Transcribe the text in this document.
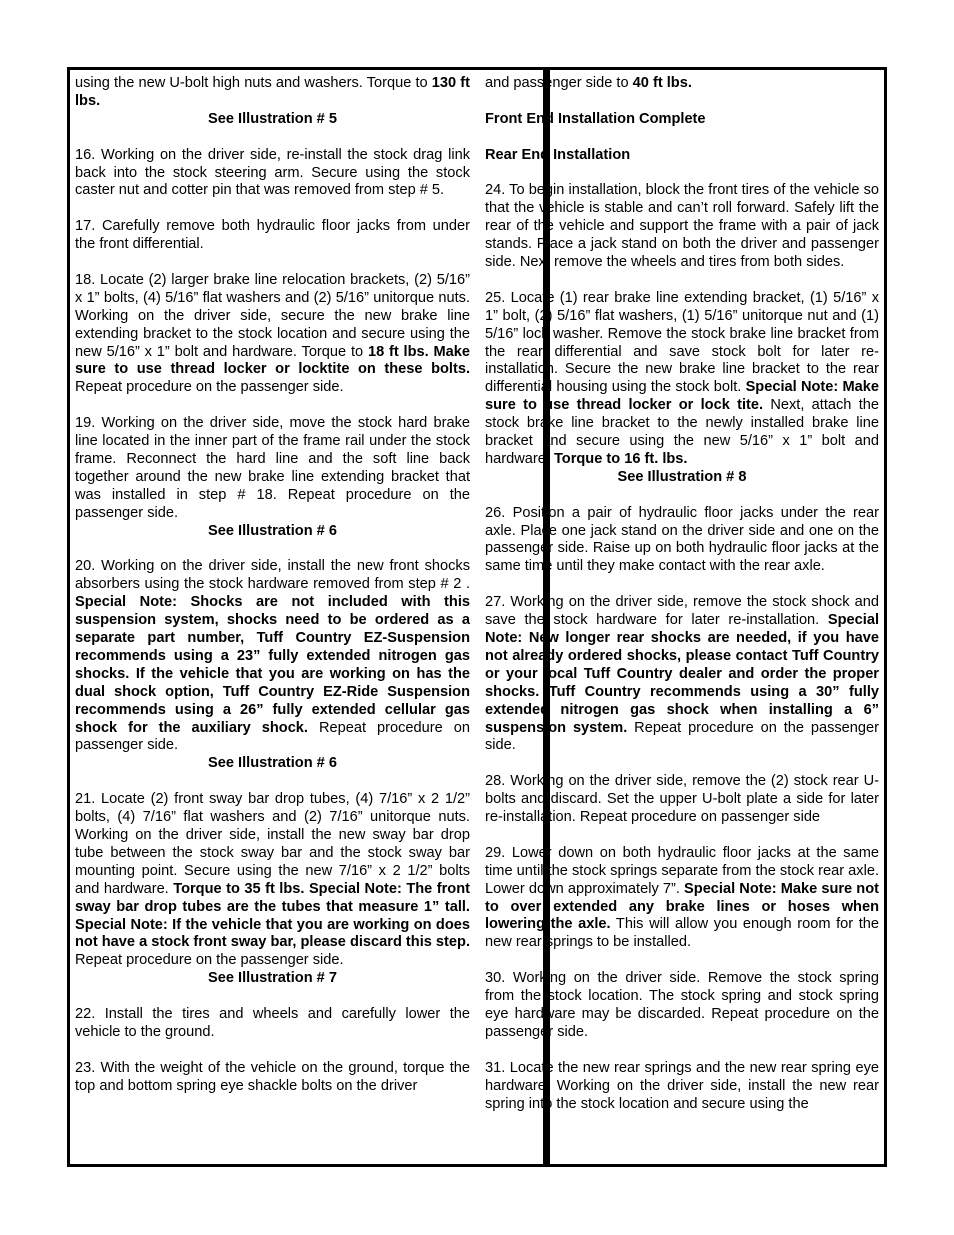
using the new U-bolt high nuts and washers. Torque to 130 ft lbs.

See Illustration # 5

16. Working on the driver side, re-install the stock drag link back into the stock steering arm. Secure using the stock caster nut and cotter pin that was removed from step # 5.

17. Carefully remove both hydraulic floor jacks from under the front differential.

18. Locate (2) larger brake line relocation brackets, (2) 5/16” x 1” bolts, (4) 5/16” flat washers and (2) 5/16” unitorque nuts. Working on the driver side, secure the new brake line extending bracket to the stock location and secure using the new 5/16” x 1” bolt and hardware. Torque to 18 ft lbs. Make sure to use thread locker or locktite on these bolts. Repeat procedure on the passenger side.

19. Working on the driver side, move the stock hard brake line located in the inner part of the frame rail under the stock frame. Reconnect the hard line and the soft line back together around the new brake line extending bracket that was installed in step # 18. Repeat procedure on the passenger side.

See Illustration # 6

20. Working on the driver side, install the new front shocks absorbers using the stock hardware removed from step # 2 . Special Note: Shocks are not included with this suspension system, shocks need to be ordered as a separate part number, Tuff Country EZ-Suspension recommends using a 23” fully extended nitrogen gas shocks. If the vehicle that you are working on has the dual shock option, Tuff Country EZ-Ride Suspension recommends using a 26” fully extended cellular gas shock for the auxiliary shock. Repeat procedure on passenger side.

See Illustration # 6

21. Locate (2) front sway bar drop tubes, (4) 7/16” x 2 1/2” bolts, (4) 7/16” flat washers and (2) 7/16” unitorque nuts. Working on the driver side, install the new sway bar drop tube between the stock sway bar and the stock sway bar mounting point. Secure using the new 7/16” x 2 1/2” bolts and hardware. Torque to 35 ft lbs. Special Note: The front sway bar drop tubes are the tubes that measure 1” tall. Special Note: If the vehicle that you are working on does not have a stock front sway bar, please discard this step. Repeat procedure on the passenger side.

See Illustration # 7

22. Install the tires and wheels and carefully lower the vehicle to the ground.

23. With the weight of the vehicle on the ground, torque the top and bottom spring eye shackle bolts on the driver

and passenger side to 40 ft lbs.

Front End Installation Complete
Rear End Installation

24. To begin installation, block the front tires of the vehicle so that the vehicle is stable and can’t roll forward. Safely lift the rear of the vehicle and support the frame with a pair of jack stands. Place a jack stand on both the driver and passenger side. Next remove the wheels and tires from both sides.

25. Locate (1) rear brake line extending bracket, (1) 5/16” x 1” bolt, (2) 5/16” flat washers, (1) 5/16” unitorque nut and (1) 5/16” lock washer. Remove the stock brake line bracket from the rear differential and save stock bolt for later re-installation. Secure the new brake line bracket to the rear differential housing using the stock bolt. Special Note: Make sure to use thread locker or lock tite. Next, attach the stock brake line bracket to the newly installed brake line bracket and secure using the new 5/16” x 1” bolt and hardware. Torque to 16 ft. lbs.

See Illustration # 8

26. Position a pair of hydraulic floor jacks under the rear axle. Place one jack stand on the driver side and one on the passenger side. Raise up on both hydraulic floor jacks at the same time until they make contact with the rear axle.

27. Working on the driver side, remove the stock shock and save the stock hardware for later re-installation. Special Note: New longer rear shocks are needed, if you have not already ordered shocks, please contact Tuff Country or your local Tuff Country dealer and order the proper shocks. Tuff Country recommends using a 30” fully extended nitrogen gas shock when installing a 6” suspension system. Repeat procedure on the passenger side.

28. Working on the driver side, remove the (2) stock rear U-bolts and discard. Set the upper U-bolt plate a side for later re-installation. Repeat procedure on passenger side

29. Lower down on both hydraulic floor jacks at the same time until the stock springs separate from the stock rear axle. Lower down approximately 7”. Special Note: Make sure not to over extended any brake lines or hoses when lowering the axle. This will allow you enough room for the new rear springs to be installed.

30. Working on the driver side. Remove the stock spring from the stock location. The stock spring and stock spring eye hardware may be discarded. Repeat procedure on the passenger side.

31. Locate the new rear springs and the new rear spring eye hardware. Working on the driver side, install the new rear spring into the stock location and secure using the
